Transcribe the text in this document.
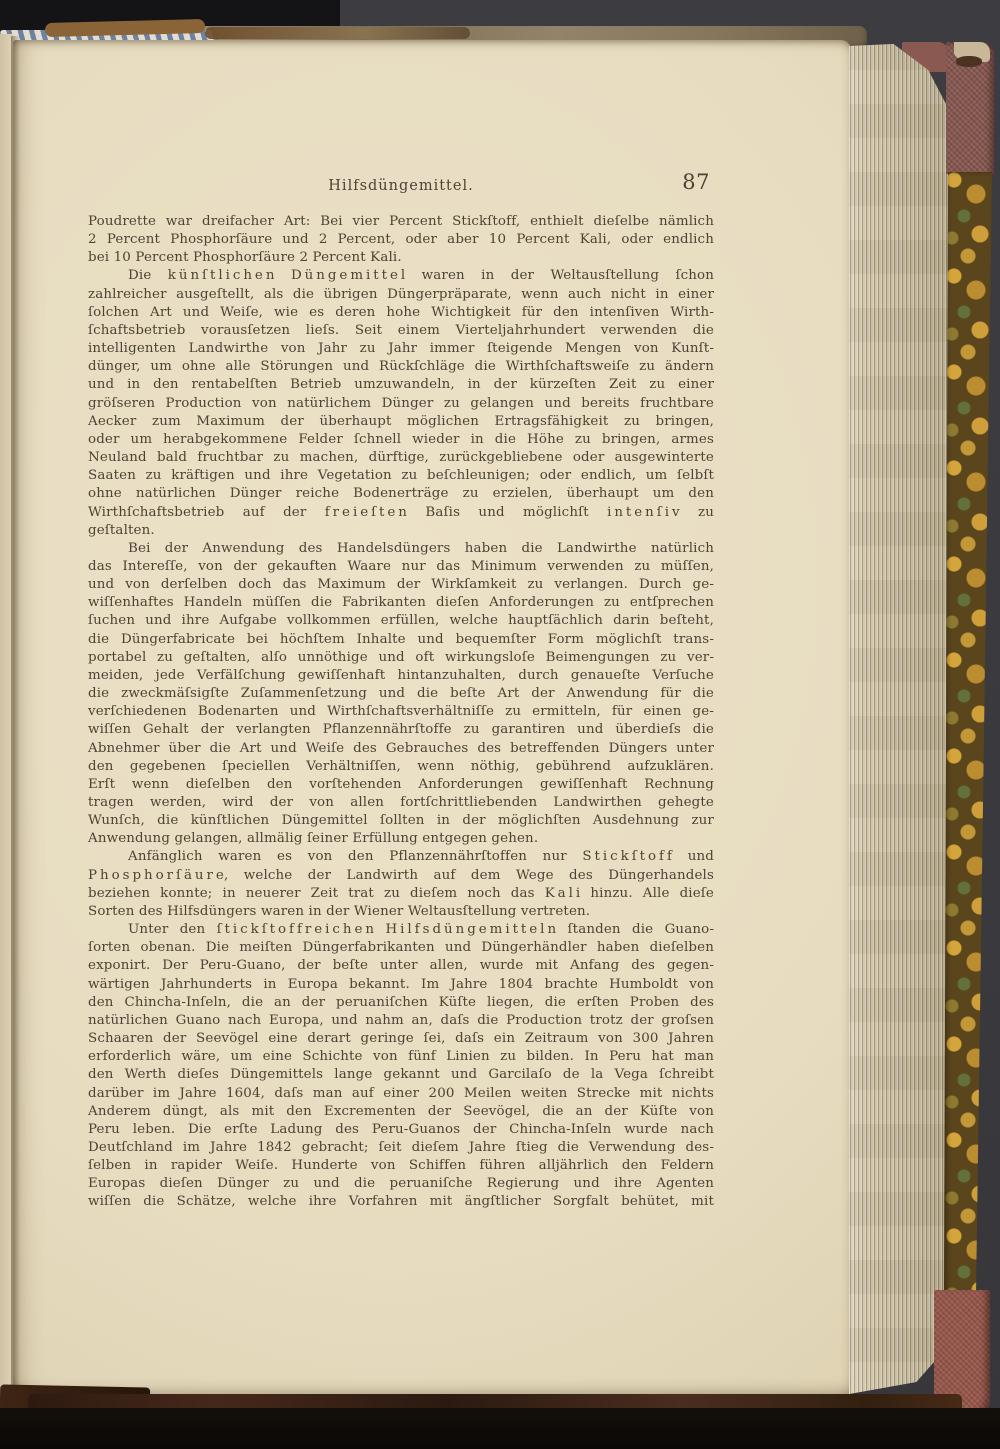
Hilfsdüngemittel.	87
Poudrette war dreifacher Art: Bei vier Percent Stickſtoff, enthielt dieſelbe nämlich
2 Percent Phosphorſäure und 2 Percent, oder aber 10 Percent Kali, oder endlich
bei 10 Percent Phosphorſäure 2 Percent Kali.
Die k ü n ſ t l i c h e n D ü n g e m i t t e l waren in der Weltausſtellung ſchon
zahlreicher ausgeſtellt, als die übrigen Düngerpräparate, wenn auch nicht in einer
ſolchen Art und Weiſe, wie es deren hohe Wichtigkeit für den intenſiven Wirth-
ſchaftsbetrieb vorausſetzen lieſs. Seit einem Vierteljahrhundert verwenden die
intelligenten Landwirthe von Jahr zu Jahr immer ſteigende Mengen von Kunſt-
dünger, um ohne alle Störungen und Rückſchläge die Wirthſchaftsweiſe zu ändern
und in den rentabelſten Betrieb umzuwandeln, in der kürzeſten Zeit zu einer
gröſseren Production von natürlichem Dünger zu gelangen und bereits fruchtbare
Aecker zum Maximum der überhaupt möglichen Ertragsfähigkeit zu bringen,
oder um herabgekommene Felder ſchnell wieder in die Höhe zu bringen, armes
Neuland bald fruchtbar zu machen, dürftige, zurückgebliebene oder ausgewinterte
Saaten zu kräftigen und ihre Vegetation zu beſchleunigen; oder endlich, um ſelbſt
ohne natürlichen Dünger reiche Bodenerträge zu erzielen, überhaupt um den
Wirthſchaftsbetrieb auf der f r e i e ſ t e n Baſis und möglichſt i n t e n ſ i v zu
geſtalten.
Bei der Anwendung des Handelsdüngers haben die Landwirthe natürlich
das Intereſſe, von der gekauften Waare nur das Minimum verwenden zu müſſen,
und von derſelben doch das Maximum der Wirkſamkeit zu verlangen. Durch ge-
wiſſenhaftes Handeln müſſen die Fabrikanten dieſen Anforderungen zu entſprechen
ſuchen und ihre Aufgabe vollkommen erfüllen, welche hauptſächlich darin beſteht,
die Düngerfabricate bei höchſtem Inhalte und bequemſter Form möglichſt trans-
portabel zu geſtalten, alſo unnöthige und oft wirkungsloſe Beimengungen zu ver-
meiden, jede Verfälſchung gewiſſenhaft hintanzuhalten, durch genaueſte Verſuche
die zweckmäſsigſte Zuſammenſetzung und die beſte Art der Anwendung für die
verſchiedenen Bodenarten und Wirthſchaftsverhältniſſe zu ermitteln, für einen ge-
wiſſen Gehalt der verlangten Pflanzennährſtoffe zu garantiren und überdieſs die
Abnehmer über die Art und Weiſe des Gebrauches des betreffenden Düngers unter
den gegebenen ſpeciellen Verhältniſſen, wenn nöthig, gebührend aufzuklären.
Erſt wenn dieſelben den vorſtehenden Anforderungen gewiſſenhaft Rechnung
tragen werden, wird der von allen fortſchrittliebenden Landwirthen gehegte
Wunſch, die künſtlichen Düngemittel ſollten in der möglichſten Ausdehnung zur
Anwendung gelangen, allmälig ſeiner Erfüllung entgegen gehen.
Anfänglich waren es von den Pflanzennährſtoffen nur S t i c k ſ t o f f und
P h o s p h o r ſ ä u r e, welche der Landwirth auf dem Wege des Düngerhandels
beziehen konnte; in neuerer Zeit trat zu dieſem noch das K a l i hinzu. Alle dieſe
Sorten des Hilfsdüngers waren in der Wiener Weltausſtellung vertreten.
Unter den ſ t i c k ſ t o f f r e i c h e n H i l f s d ü n g e m i t t e l n ſtanden die Guano-
ſorten obenan. Die meiſten Düngerfabrikanten und Düngerhändler haben dieſelben
exponirt. Der Peru-Guano, der beſte unter allen, wurde mit Anfang des gegen-
wärtigen Jahrhunderts in Europa bekannt. Im Jahre 1804 brachte Humboldt von
den Chincha-Inſeln, die an der peruaniſchen Küſte liegen, die erſten Proben des
natürlichen Guano nach Europa, und nahm an, daſs die Production trotz der groſsen
Schaaren der Seevögel eine derart geringe ſei, daſs ein Zeitraum von 300 Jahren
erforderlich wäre, um eine Schichte von fünf Linien zu bilden. In Peru hat man
den Werth dieſes Düngemittels lange gekannt und Garcilaſo de la Vega ſchreibt
darüber im Jahre 1604, daſs man auf einer 200 Meilen weiten Strecke mit nichts
Anderem düngt, als mit den Excrementen der Seevögel, die an der Küſte von
Peru leben. Die erſte Ladung des Peru-Guanos der Chincha-Inſeln wurde nach
Deutſchland im Jahre 1842 gebracht; ſeit dieſem Jahre ſtieg die Verwendung des-
ſelben in rapider Weiſe. Hunderte von Schiffen führen alljährlich den Feldern
Europas dieſen Dünger zu und die peruaniſche Regierung und ihre Agenten
wiſſen die Schätze, welche ihre Vorfahren mit ängſtlicher Sorgfalt behütet, mit
